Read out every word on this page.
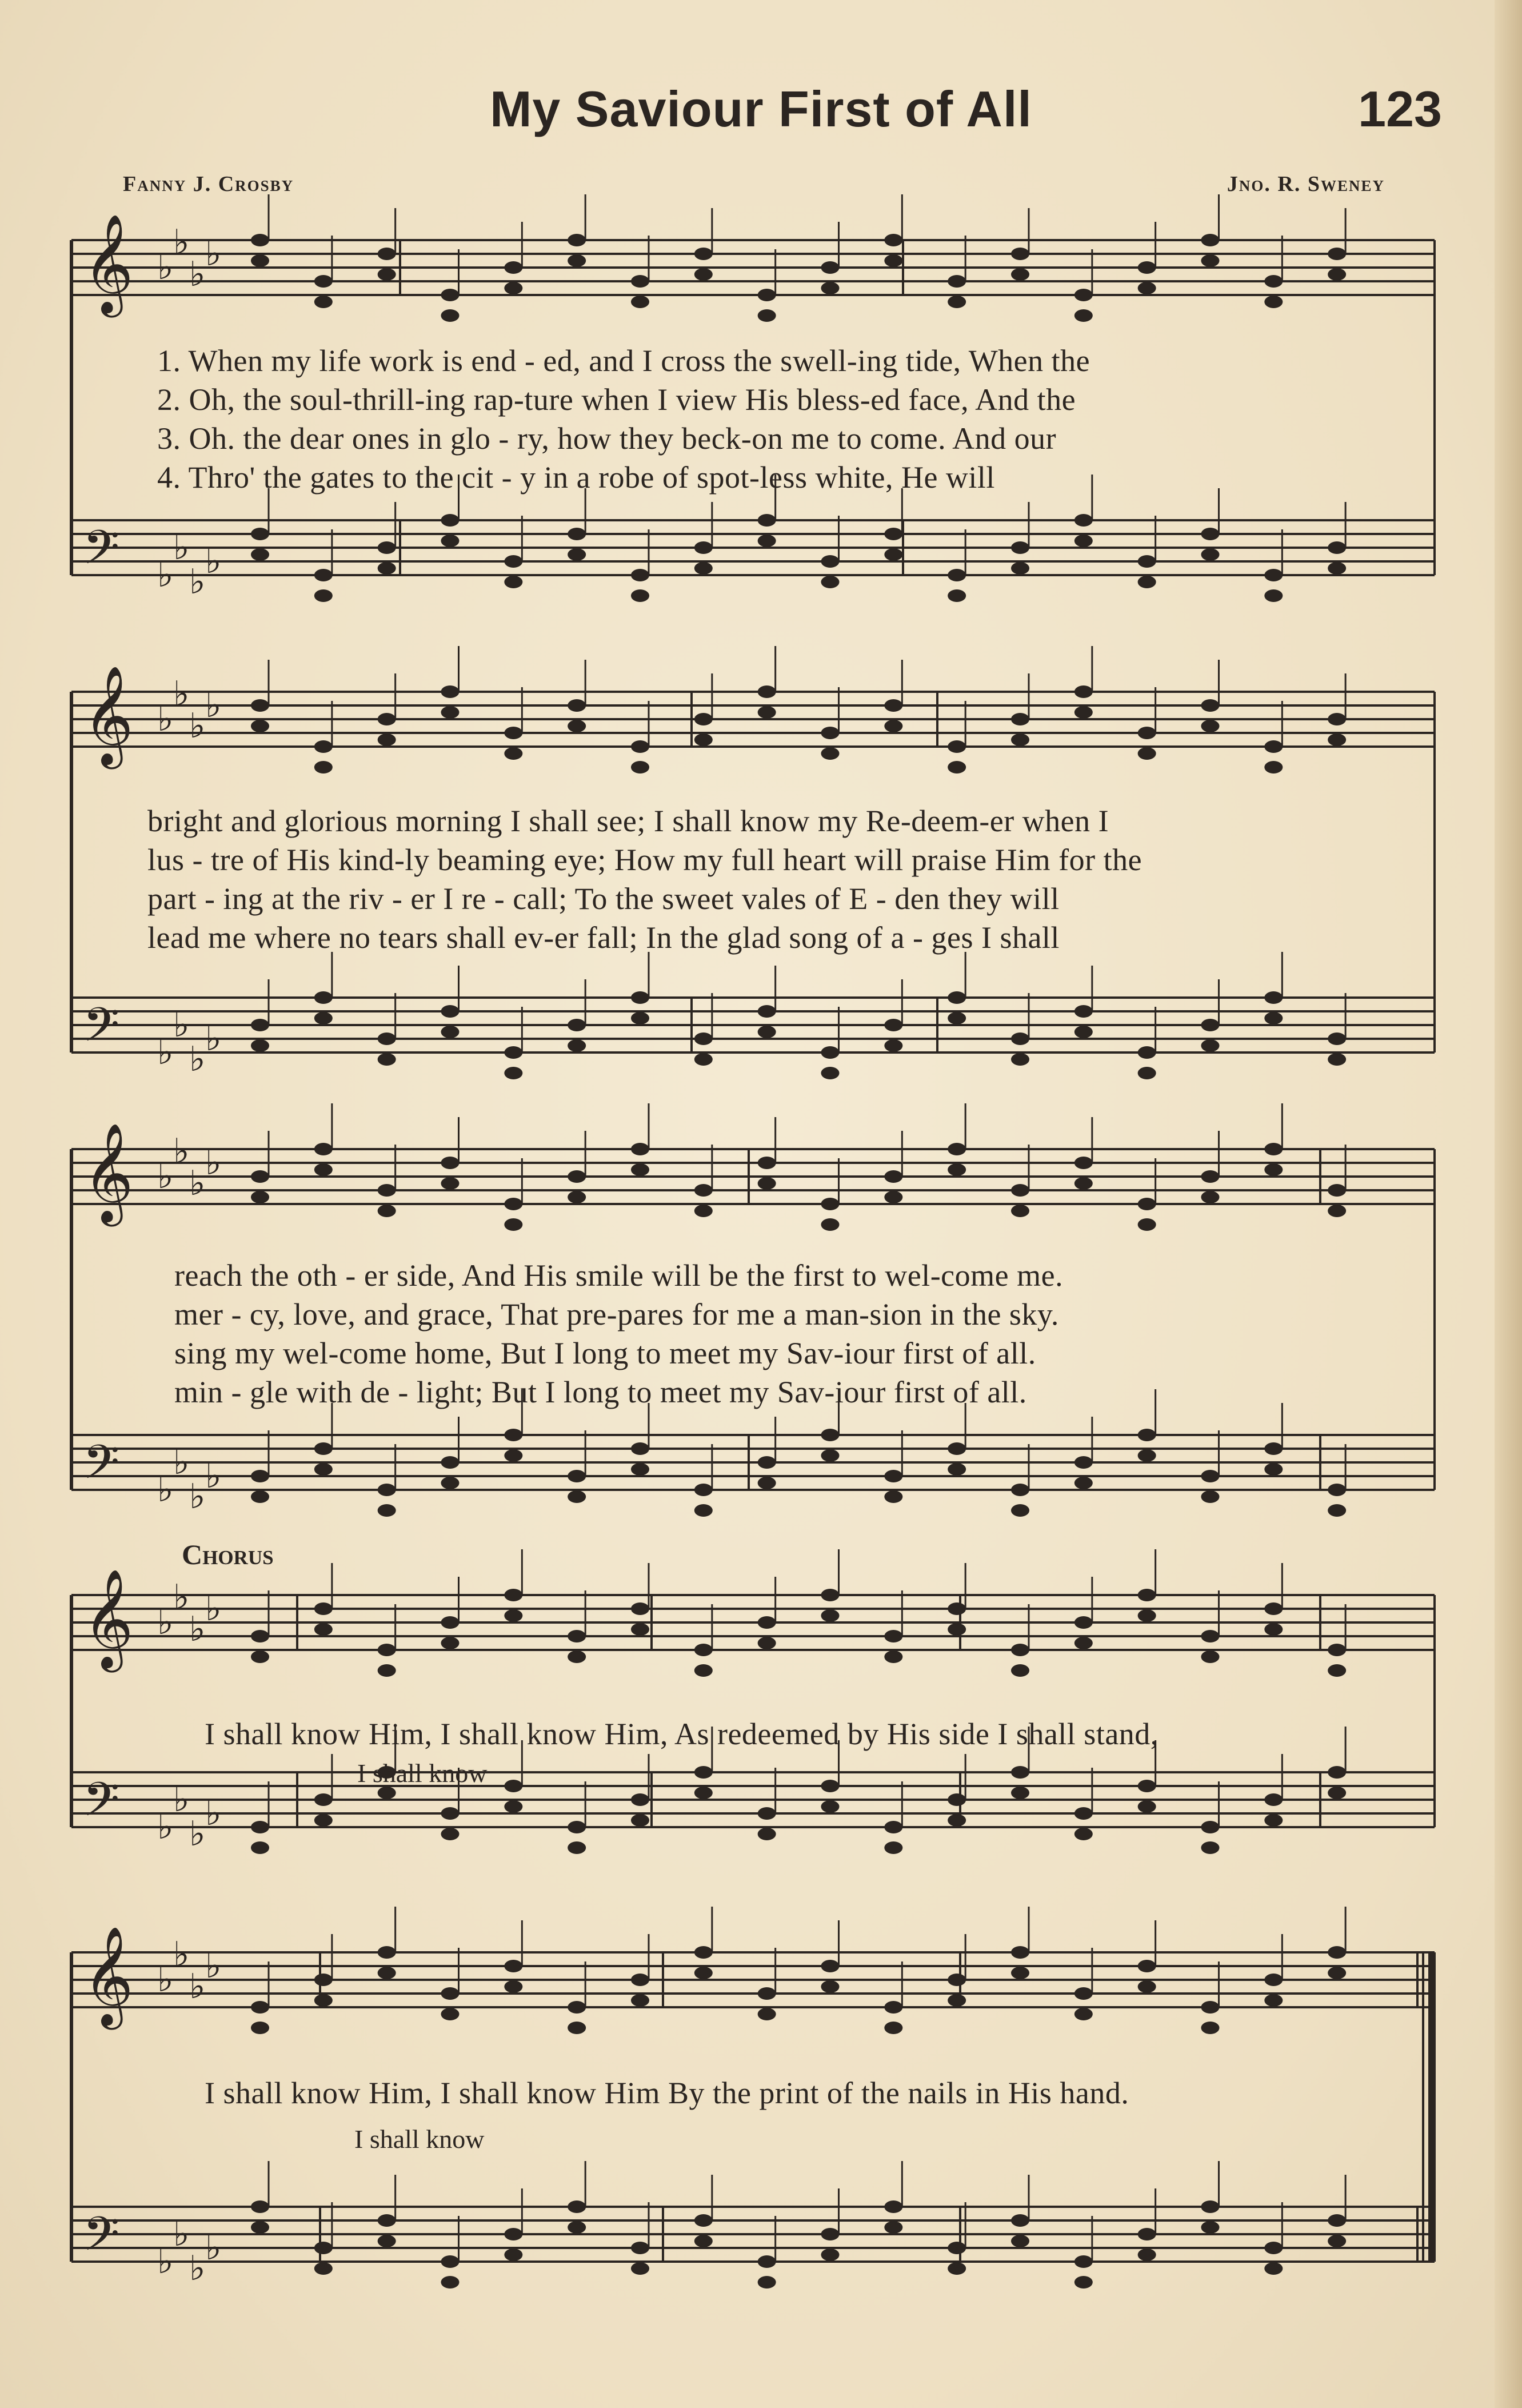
My Saviour First of All	123
Fanny J. Crosby	Jno. R. Sweney
𝄞 ♭
♭
♭
♭
𝄢 ♭
♭
♭
♭
𝄞 ♭
♭
♭
♭
𝄢 ♭
♭
♭
♭
𝄞 ♭
♭
♭
♭
𝄢 ♭
♭
♭
♭
𝄞 ♭
♭
♭
♭
𝄢 ♭
♭
♭
♭
𝄞 ♭
♭
♭
♭
𝄢 ♭
♭
♭
♭
1. When my life work is end - ed, and I cross the swell-ing tide, When the
2. Oh, the soul-thrill-ing rap-ture when I view His bless-ed face, And the
3. Oh. the dear ones in glo - ry, how they beck-on me to come. And our
4. Thro' the gates to the cit - y in a robe of spot-less white, He will
bright and glorious morning I shall see; I shall know my Re-deem-er when I
lus - tre of His kind-ly beaming eye; How my full heart will praise Him for the
part - ing at the riv - er I re - call; To the sweet vales of E - den they will
lead me where no tears shall ev-er fall; In the glad song of a - ges I shall
reach the oth - er side, And His smile will be the first to wel-come me.
mer - cy, love, and grace, That pre-pares for me a man-sion in the sky.
sing my wel-come home, But I long to meet my Sav-iour first of all.
min - gle with de - light; But I long to meet my Sav-iour first of all.
Chorus
I shall know Him, I shall know Him, As redeemed by His side I shall stand,
I shall know
I shall know Him, I shall know Him By the print of the nails in His hand.
I shall know
